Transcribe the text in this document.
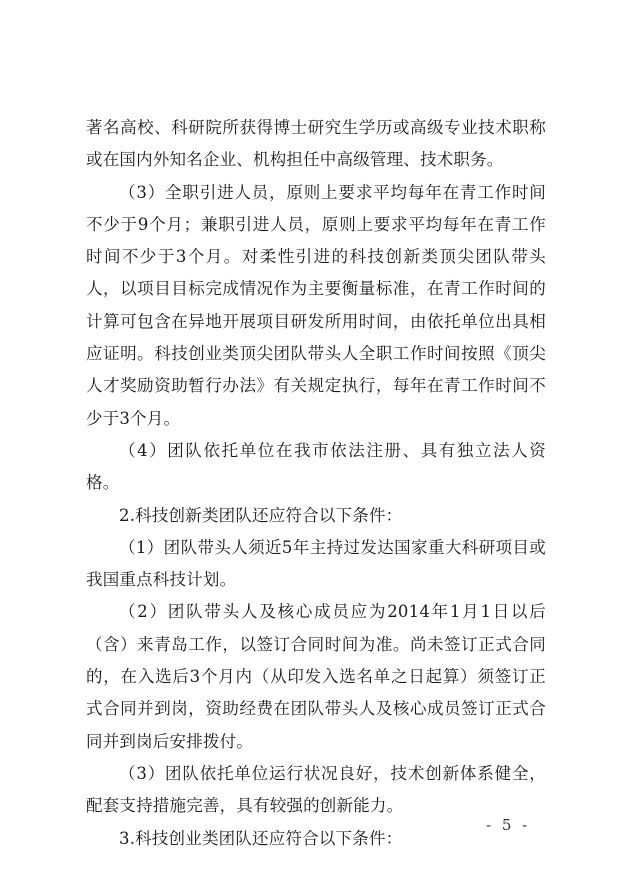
著名高校、科研院所获得博士研究生学历或高级专业技术职称或在国内外知名企业、机构担任中高级管理、技术职务。

（3）全职引进人员，原则上要求平均每年在青工作时间不少于9个月；兼职引进人员，原则上要求平均每年在青工作时间不少于3个月。对柔性引进的科技创新类顶尖团队带头人，以项目目标完成情况作为主要衡量标准，在青工作时间的计算可包含在异地开展项目研发所用时间，由依托单位出具相应证明。科技创业类顶尖团队带头人全职工作时间按照《顶尖人才奖励资助暂行办法》有关规定执行，每年在青工作时间不少于3个月。

（4）团队依托单位在我市依法注册、具有独立法人资格。

2.科技创新类团队还应符合以下条件：

（1）团队带头人须近5年主持过发达国家重大科研项目或我国重点科技计划。

（2）团队带头人及核心成员应为2014年1月1日以后（含）来青岛工作，以签订合同时间为准。尚未签订正式合同的，在入选后3个月内（从印发入选名单之日起算）须签订正式合同并到岗，资助经费在团队带头人及核心成员签订正式合同并到岗后安排拨付。

（3）团队依托单位运行状况良好，技术创新体系健全，配套支持措施完善，具有较强的创新能力。

3.科技创业类团队还应符合以下条件：

- 5 -
